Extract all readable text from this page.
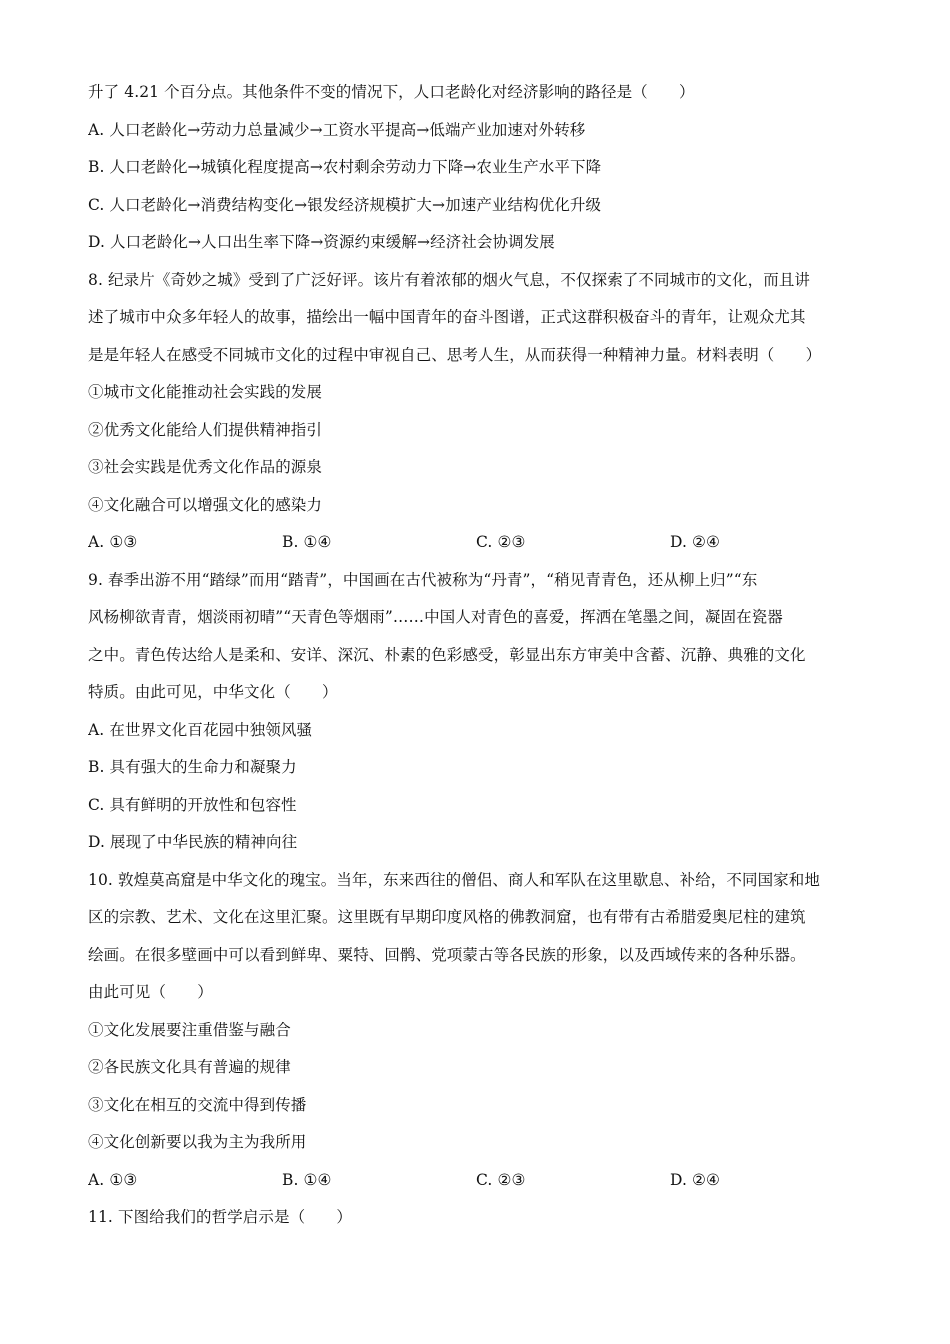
升了 4.21 个百分点。其他条件不变的情况下，人口老龄化对经济影响的路径是（　　）
A. 人口老龄化→劳动力总量减少→工资水平提高→低端产业加速对外转移
B. 人口老龄化→城镇化程度提高→农村剩余劳动力下降→农业生产水平下降
C. 人口老龄化→消费结构变化→银发经济规模扩大→加速产业结构优化升级
D. 人口老龄化→人口出生率下降→资源约束缓解→经济社会协调发展
8. 纪录片《奇妙之城》受到了广泛好评。该片有着浓郁的烟火气息，不仅探索了不同城市的文化，而且讲
述了城市中众多年轻人的故事，描绘出一幅中国青年的奋斗图谱，正式这群积极奋斗的青年，让观众尤其
是是年轻人在感受不同城市文化的过程中审视自己、思考人生，从而获得一种精神力量。材料表明（　　）
①城市文化能推动社会实践的发展
②优秀文化能给人们提供精神指引
③社会实践是优秀文化作品的源泉
④文化融合可以增强文化的感染力
A. ①③	B. ①④	C. ②③	D. ②④
9. 春季出游不用“踏绿”而用“踏青”，中国画在古代被称为“丹青”，“稍见青青色，还从柳上归”“东
风杨柳欲青青，烟淡雨初晴”“天青色等烟雨”……中国人对青色的喜爱，挥洒在笔墨之间，凝固在瓷器
之中。青色传达给人是柔和、安详、深沉、朴素的色彩感受，彰显出东方审美中含蓄、沉静、典雅的文化
特质。由此可见，中华文化（　　）
A. 在世界文化百花园中独领风骚
B. 具有强大的生命力和凝聚力
C. 具有鲜明的开放性和包容性
D. 展现了中华民族的精神向往
10. 敦煌莫高窟是中华文化的瑰宝。当年，东来西往的僧侣、商人和军队在这里歇息、补给，不同国家和地
区的宗教、艺术、文化在这里汇聚。这里既有早期印度风格的佛教洞窟，也有带有古希腊爱奥尼柱的建筑
绘画。在很多壁画中可以看到鲜卑、粟特、回鹘、党项蒙古等各民族的形象，以及西域传来的各种乐器。
由此可见（　　）
①文化发展要注重借鉴与融合
②各民族文化具有普遍的规律
③文化在相互的交流中得到传播
④文化创新要以我为主为我所用
A. ①③	B. ①④	C. ②③	D. ②④
11. 下图给我们的哲学启示是（　　）
